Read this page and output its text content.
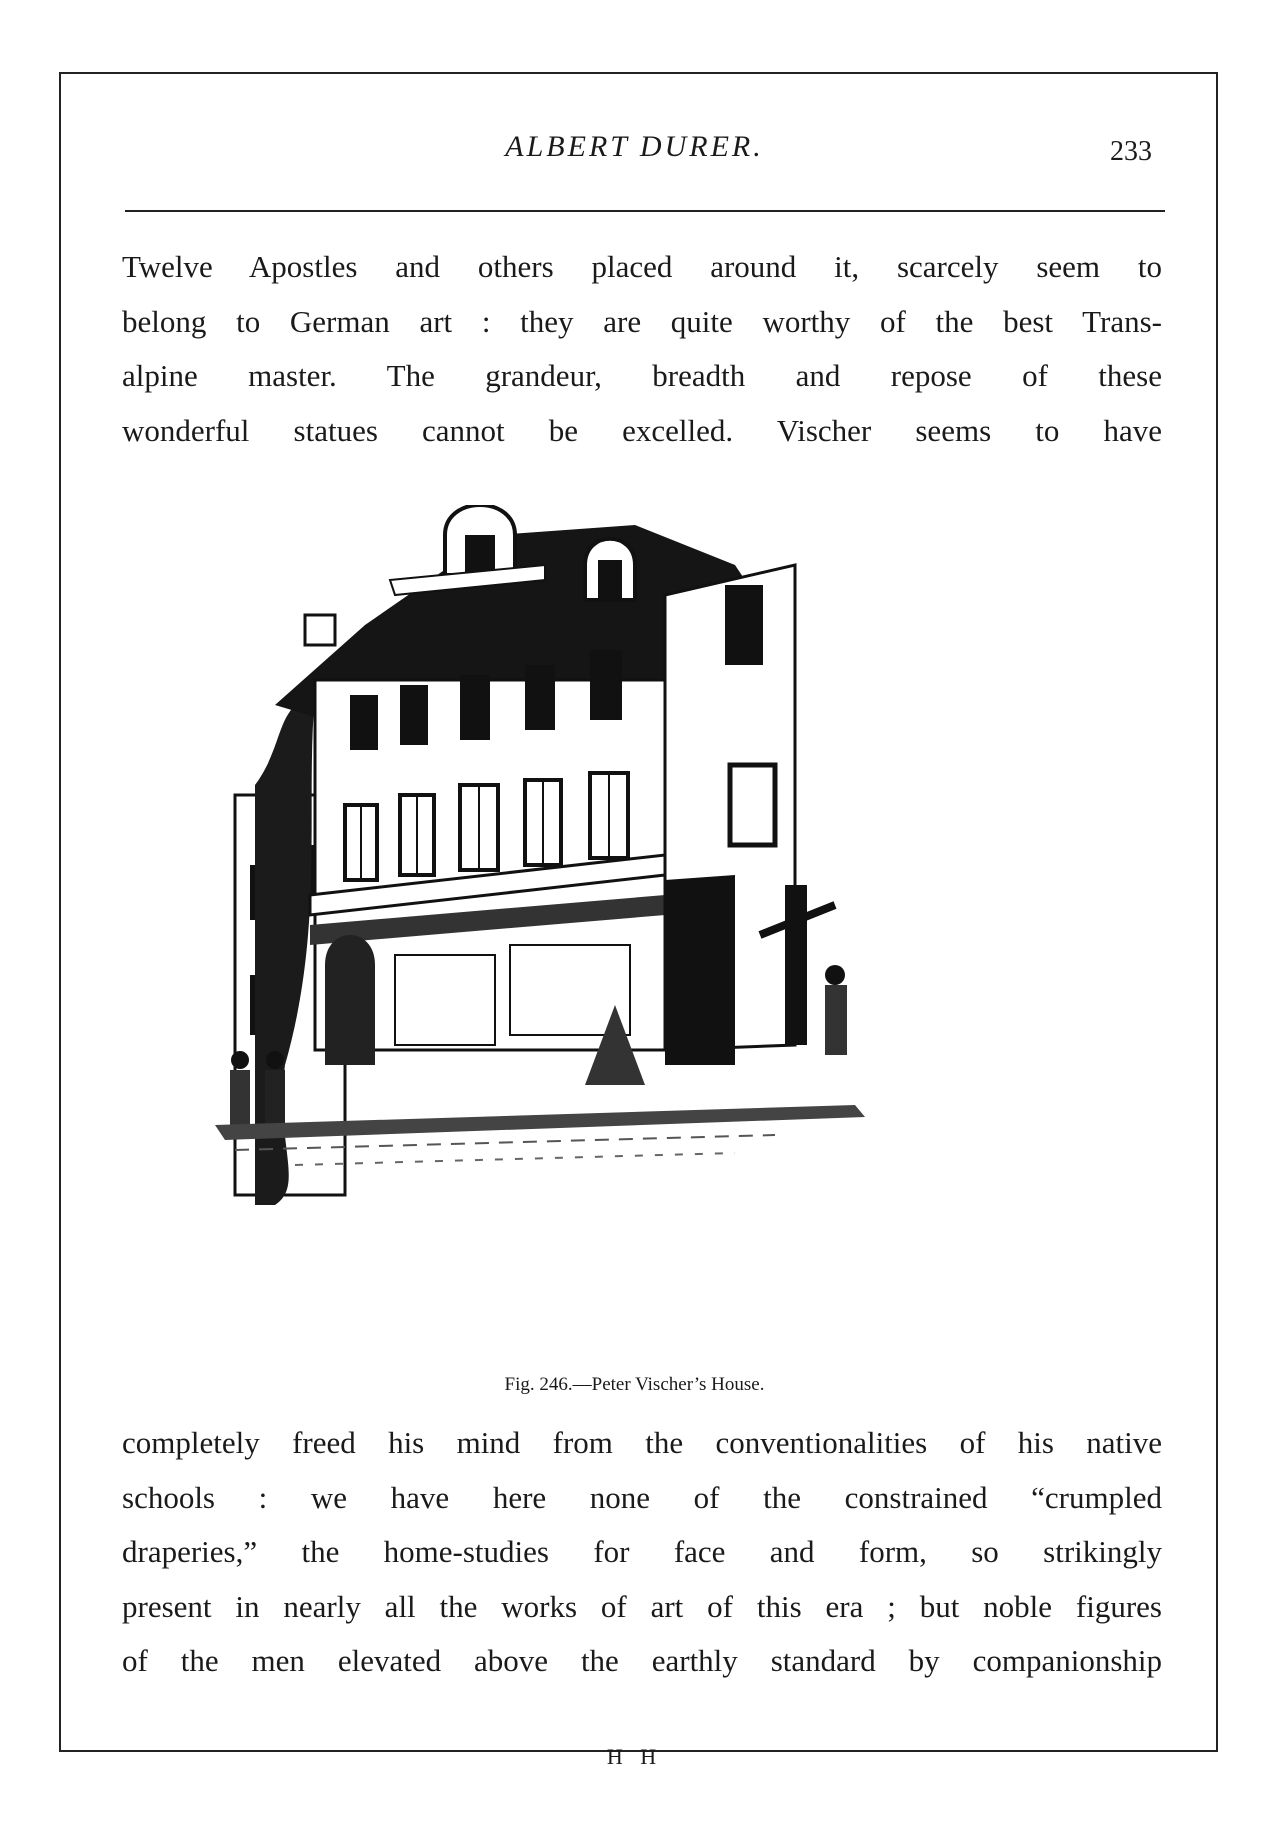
ALBERT DURER.	233

Twelve Apostles and others placed around it, scarcely seem to
belong to German art : they are quite worthy of the best Trans-
alpine master. The grandeur, breadth and repose of these
wonderful statues cannot be excelled. Vischer seems to have

Fig. 246.—Peter Vischer’s House.

completely freed his mind from the conventionalities of his native
schools : we have here none of the constrained “crumpled
draperies,” the home-studies for face and form, so strikingly
present in nearly all the works of art of this era ; but noble figures
of the men elevated above the earthly standard by companionship

H H
